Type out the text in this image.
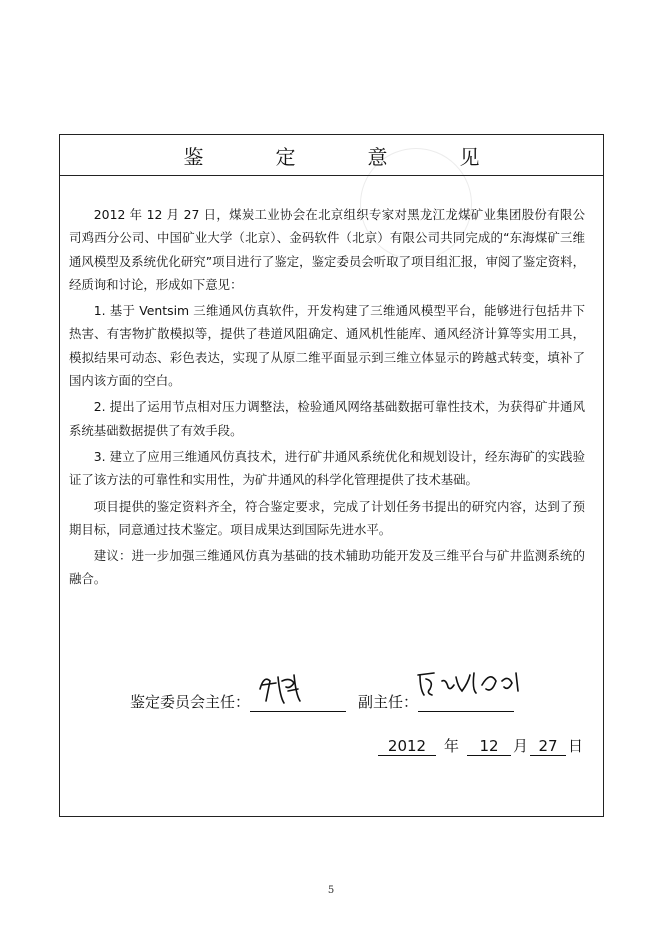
鉴　定　意　见

2012 年 12 月 27 日，煤炭工业协会在北京组织专家对黑龙江龙煤矿业集团股份有限公司鸡西分公司、中国矿业大学（北京）、金码软件（北京）有限公司共同完成的“东海煤矿三维通风模型及系统优化研究”项目进行了鉴定，鉴定委员会听取了项目组汇报，审阅了鉴定资料，经质询和讨论，形成如下意见：

1. 基于 Ventsim 三维通风仿真软件，开发构建了三维通风模型平台，能够进行包括井下热害、有害物扩散模拟等，提供了巷道风阻确定、通风机性能库、通风经济计算等实用工具，模拟结果可动态、彩色表达，实现了从原二维平面显示到三维立体显示的跨越式转变，填补了国内该方面的空白。

2. 提出了运用节点相对压力调整法，检验通风网络基础数据可靠性技术，为获得矿井通风系统基础数据提供了有效手段。

3. 建立了应用三维通风仿真技术，进行矿井通风系统优化和规划设计，经东海矿的实践验证了该方法的可靠性和实用性，为矿井通风的科学化管理提供了技术基础。

项目提供的鉴定资料齐全，符合鉴定要求，完成了计划任务书提出的研究内容，达到了预期目标，同意通过技术鉴定。项目成果达到国际先进水平。

建议：进一步加强三维通风仿真为基础的技术辅助功能开发及三维平台与矿井监测系统的融合。

鉴定委员会主任：	副主任：
2012	年	12 月 27 日
5
